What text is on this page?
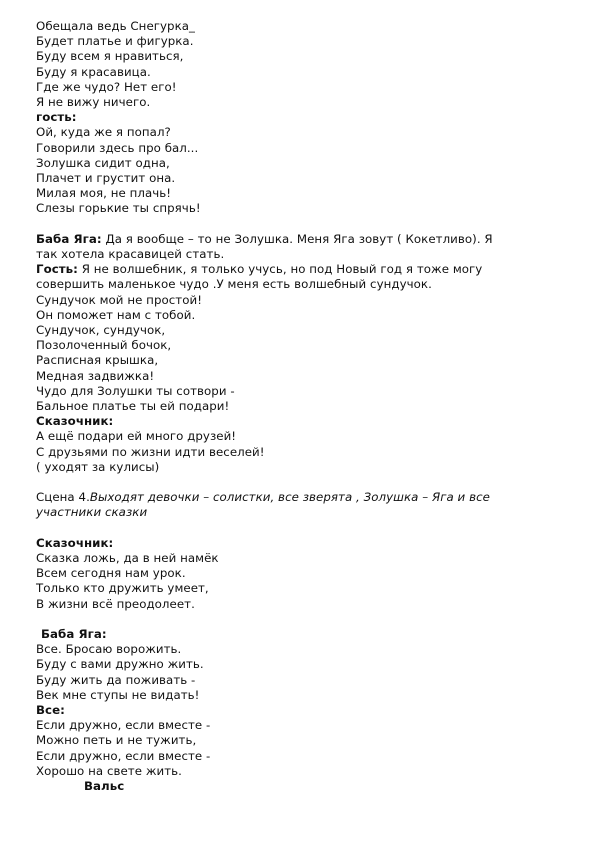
Обещала ведь Снегурка_

Будет платье и фигурка.

Буду всем я нравиться,

Буду я красавица.

Где же чудо? Нет его!

Я не вижу ничего.

гость:

Ой, куда же я попал?

Говорили здесь про бал...

Золушка сидит одна,

Плачет и грустит она.

Милая моя, не плачь!

Слезы горькие ты спрячь!

Баба Яга: Да я вообще – то не Золушка. Меня Яга зовут ( Кокетливо). Я

так хотела красавицей стать.

Гость: Я не волшебник, я только учусь, но под Новый год я тоже могу

совершить маленькое чудо .У меня есть волшебный сундучок.

Сундучок мой не простой!

Он поможет нам с тобой.

Сундучок, сундучок,

Позолоченный бочок,

Расписная крышка,

Медная задвижка!

Чудо для Золушки ты сотвори -

Бальное платье ты ей подари!

Сказочник:

А ещё подари ей много друзей!

С друзьями по жизни идти веселей!

( уходят за кулисы)

Сцена 4.Выходят девочки – солистки, все зверята , Золушка – Яга и все

участники сказки

Сказочник:

Сказка ложь, да в ней намёк

Всем сегодня нам урок.

Только кто дружить умеет,

В жизни всё преодолеет.

Баба Яга:

Все. Бросаю ворожить.

Буду с вами дружно жить.

Буду жить да поживать -

Век мне ступы не видать!

Все:

Если дружно, если вместе -

Можно петь и не тужить,

Если дружно, если вместе -

Хорошо на свете жить.

Вальс
